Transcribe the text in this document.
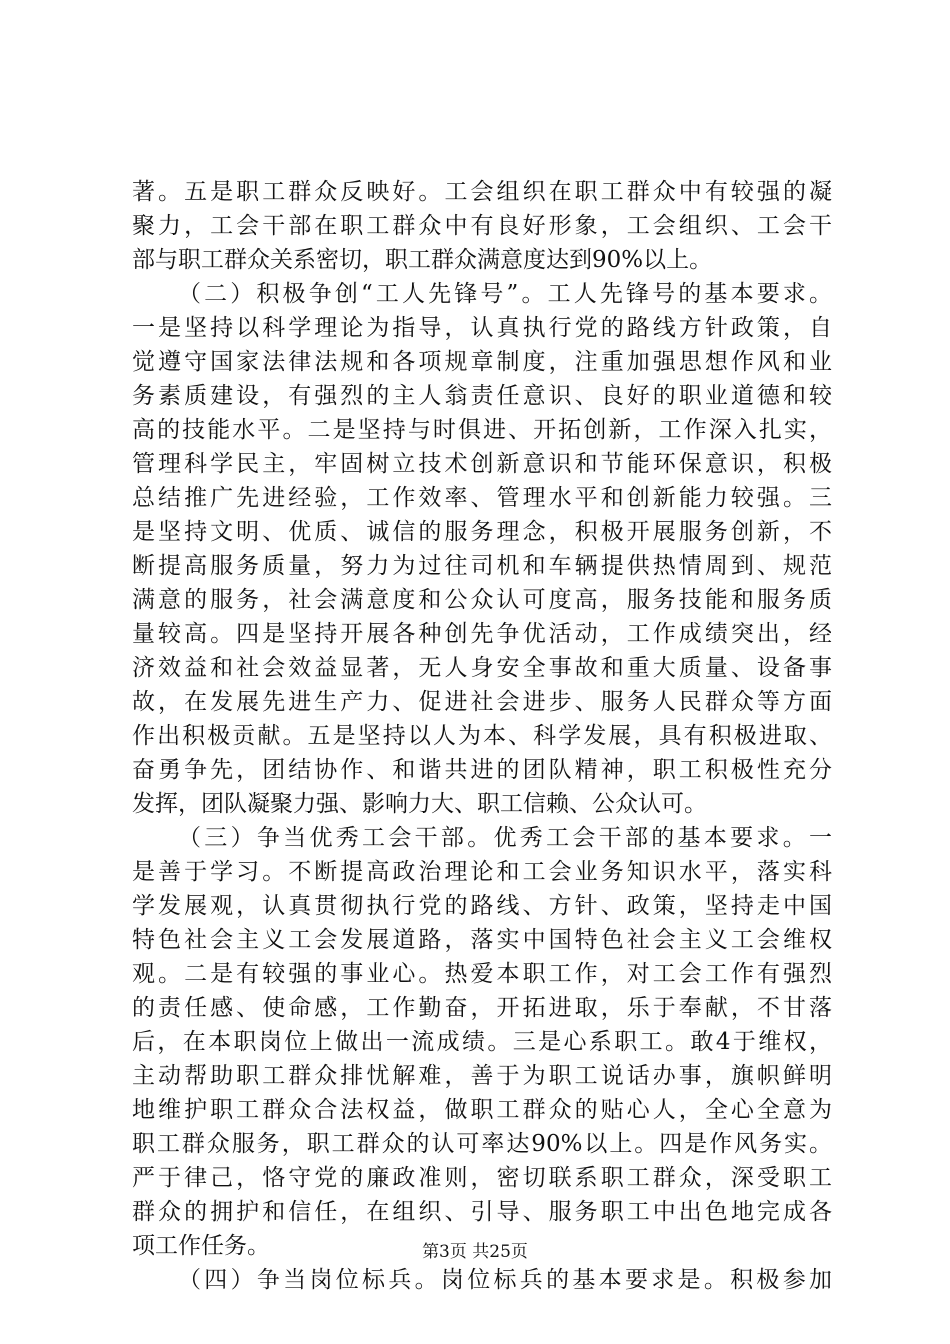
著。五是职工群众反映好。工会组织在职工群众中有较强的凝
聚力，工会干部在职工群众中有良好形象，工会组织、工会干
部与职工群众关系密切，职工群众满意度达到90%以上。
（二）积极争创“工人先锋号”。工人先锋号的基本要求。
一是坚持以科学理论为指导，认真执行党的路线方针政策，自
觉遵守国家法律法规和各项规章制度，注重加强思想作风和业
务素质建设，有强烈的主人翁责任意识、良好的职业道德和较
高的技能水平。二是坚持与时俱进、开拓创新，工作深入扎实，
管理科学民主，牢固树立技术创新意识和节能环保意识，积极
总结推广先进经验，工作效率、管理水平和创新能力较强。三
是坚持文明、优质、诚信的服务理念，积极开展服务创新，不
断提高服务质量，努力为过往司机和车辆提供热情周到、规范
满意的服务，社会满意度和公众认可度高，服务技能和服务质
量较高。四是坚持开展各种创先争优活动，工作成绩突出，经
济效益和社会效益显著，无人身安全事故和重大质量、设备事
故，在发展先进生产力、促进社会进步、服务人民群众等方面
作出积极贡献。五是坚持以人为本、科学发展，具有积极进取、
奋勇争先，团结协作、和谐共进的团队精神，职工积极性充分
发挥，团队凝聚力强、影响力大、职工信赖、公众认可。
（三）争当优秀工会干部。优秀工会干部的基本要求。一
是善于学习。不断提高政治理论和工会业务知识水平，落实科
学发展观，认真贯彻执行党的路线、方针、政策，坚持走中国
特色社会主义工会发展道路，落实中国特色社会主义工会维权
观。二是有较强的事业心。热爱本职工作，对工会工作有强烈
的责任感、使命感，工作勤奋，开拓进取，乐于奉献，不甘落
后，在本职岗位上做出一流成绩。三是心系职工。敢4于维权，
主动帮助职工群众排忧解难，善于为职工说话办事，旗帜鲜明
地维护职工群众合法权益，做职工群众的贴心人，全心全意为
职工群众服务，职工群众的认可率达90%以上。四是作风务实。
严于律己，恪守党的廉政准则，密切联系职工群众，深受职工
群众的拥护和信任，在组织、引导、服务职工中出色地完成各
项工作任务。
（四）争当岗位标兵。岗位标兵的基本要求是。积极参加
第3页 共25页
